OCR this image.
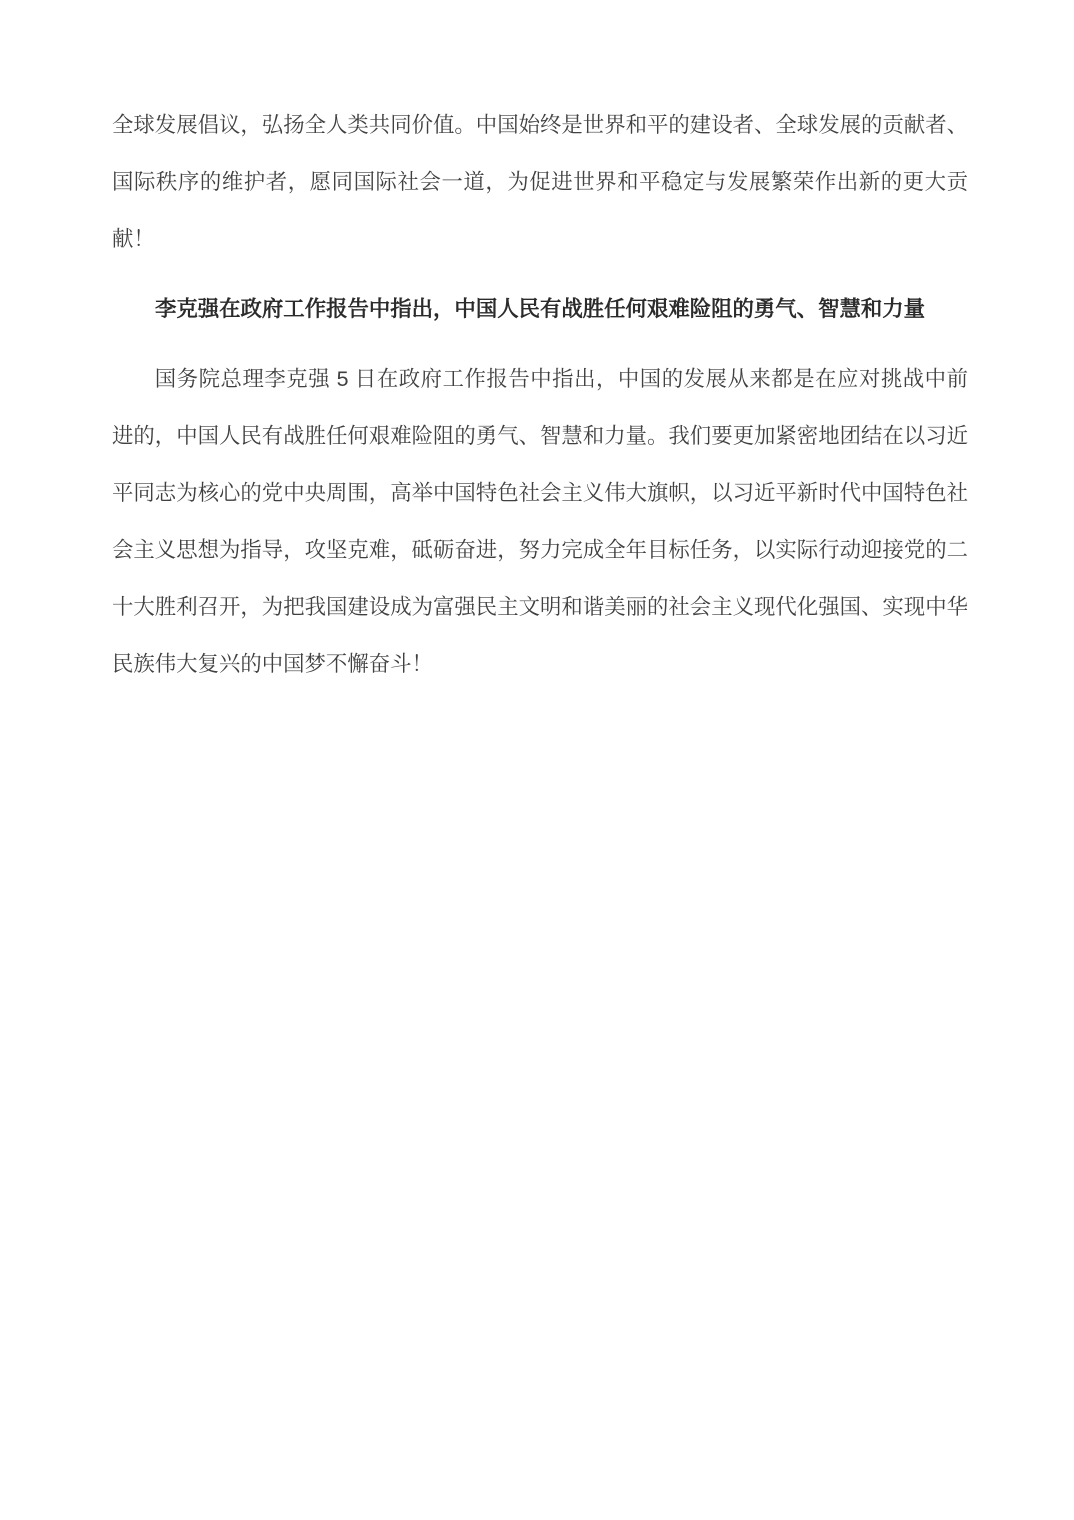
全球发展倡议，弘扬全人类共同价值。中国始终是世界和平的建设者、全球发展的贡献者、国际秩序的维护者，愿同国际社会一道，为促进世界和平稳定与发展繁荣作出新的更大贡献！

李克强在政府工作报告中指出，中国人民有战胜任何艰难险阻的勇气、智慧和力量

国务院总理李克强 5 日在政府工作报告中指出，中国的发展从来都是在应对挑战中前进的，中国人民有战胜任何艰难险阻的勇气、智慧和力量。我们要更加紧密地团结在以习近平同志为核心的党中央周围，高举中国特色社会主义伟大旗帜，以习近平新时代中国特色社会主义思想为指导，攻坚克难，砥砺奋进，努力完成全年目标任务，以实际行动迎接党的二十大胜利召开，为把我国建设成为富强民主文明和谐美丽的社会主义现代化强国、实现中华民族伟大复兴的中国梦不懈奋斗！
